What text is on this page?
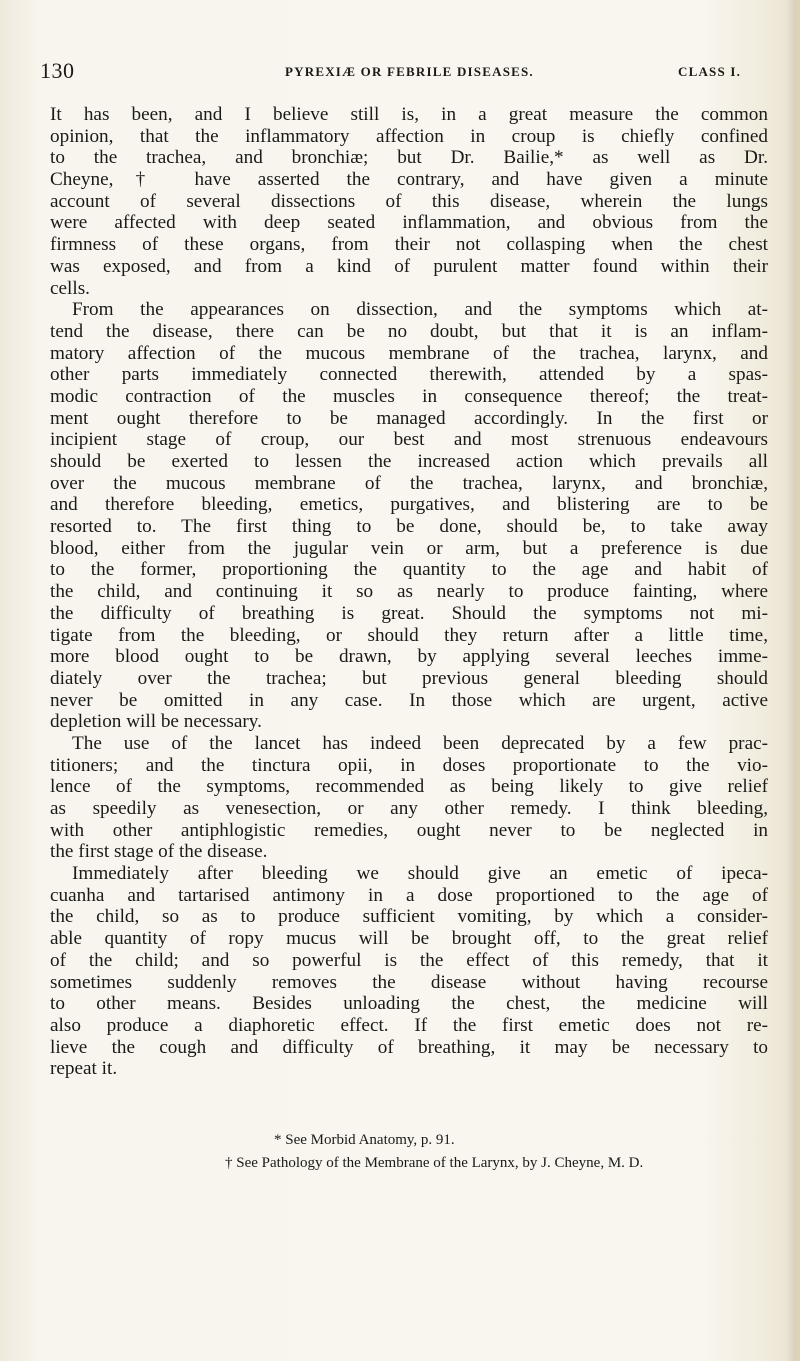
130	PYREXIÆ OR FEBRILE DISEASES.	CLASS I.
It has been, and I believe still is, in a great measure the common
opinion, that the inflammatory affection in croup is chiefly confined
to the trachea, and bronchiæ; but Dr. Bailie,* as well as Dr.
Cheyne,† have asserted the contrary, and have given a minute
account of several dissections of this disease, wherein the lungs
were affected with deep seated inflammation, and obvious from the
firmness of these organs, from their not collasping when the chest
was exposed, and from a kind of purulent matter found within their
cells.
From the appearances on dissection, and the symptoms which at-
tend the disease, there can be no doubt, but that it is an inflam-
matory affection of the mucous membrane of the trachea, larynx, and
other parts immediately connected therewith, attended by a spas-
modic contraction of the muscles in consequence thereof; the treat-
ment ought therefore to be managed accordingly. In the first or
incipient stage of croup, our best and most strenuous endeavours
should be exerted to lessen the increased action which prevails all
over the mucous membrane of the trachea, larynx, and bronchiæ,
and therefore bleeding, emetics, purgatives, and blistering are to be
resorted to. The first thing to be done, should be, to take away
blood, either from the jugular vein or arm, but a preference is due
to the former, proportioning the quantity to the age and habit of
the child, and continuing it so as nearly to produce fainting, where
the difficulty of breathing is great. Should the symptoms not mi-
tigate from the bleeding, or should they return after a little time,
more blood ought to be drawn, by applying several leeches imme-
diately over the trachea; but previous general bleeding should
never be omitted in any case. In those which are urgent, active
depletion will be necessary.
The use of the lancet has indeed been deprecated by a few prac-
titioners; and the tinctura opii, in doses proportionate to the vio-
lence of the symptoms, recommended as being likely to give relief
as speedily as venesection, or any other remedy. I think bleeding,
with other antiphlogistic remedies, ought never to be neglected in
the first stage of the disease.
Immediately after bleeding we should give an emetic of ipeca-
cuanha and tartarised antimony in a dose proportioned to the age of
the child, so as to produce sufficient vomiting, by which a consider-
able quantity of ropy mucus will be brought off, to the great relief
of the child; and so powerful is the effect of this remedy, that it
sometimes suddenly removes the disease without having recourse
to other means. Besides unloading the chest, the medicine will
also produce a diaphoretic effect. If the first emetic does not re-
lieve the cough and difficulty of breathing, it may be necessary to
repeat it.
* See Morbid Anatomy, p. 91.
† See Pathology of the Membrane of the Larynx, by J. Cheyne, M. D.
